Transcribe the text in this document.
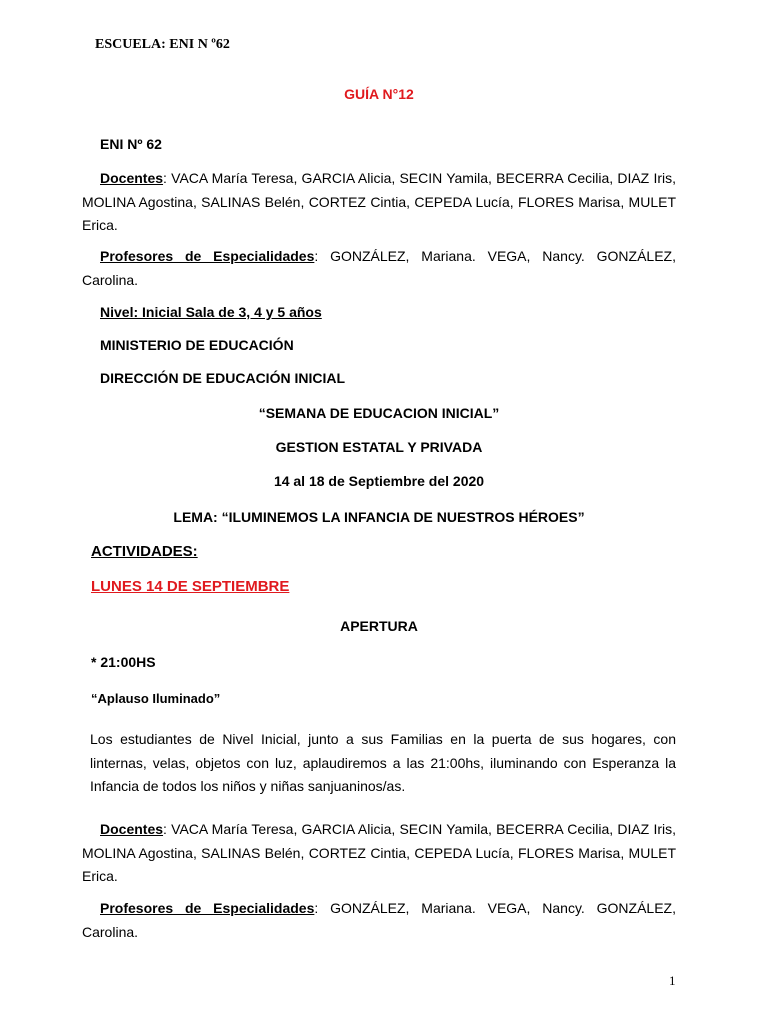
ESCUELA: ENI N º62
GUÍA N°12
ENI Nº 62
Docentes: VACA María Teresa, GARCIA Alicia, SECIN Yamila, BECERRA Cecilia, DIAZ Iris, MOLINA Agostina, SALINAS Belén, CORTEZ Cintia, CEPEDA Lucía, FLORES Marisa, MULET Erica.
Profesores de Especialidades: GONZÁLEZ, Mariana. VEGA, Nancy. GONZÁLEZ, Carolina.
Nivel: Inicial Sala de 3, 4 y 5 años
MINISTERIO DE EDUCACIÓN
DIRECCIÓN DE EDUCACIÓN INICIAL
“SEMANA DE EDUCACION INICIAL”
GESTION ESTATAL Y PRIVADA
14 al 18 de Septiembre del 2020
LEMA: “ILUMINEMOS LA INFANCIA DE NUESTROS HÉROES”
ACTIVIDADES:
LUNES 14 DE SEPTIEMBRE
APERTURA
* 21:00HS
“Aplauso Iluminado”
Los estudiantes de Nivel Inicial, junto a sus Familias en la puerta de sus hogares, con linternas, velas, objetos con luz, aplaudiremos a las 21:00hs, iluminando con Esperanza la Infancia de todos los niños y niñas sanjuaninos/as.
Docentes: VACA María Teresa, GARCIA Alicia, SECIN Yamila, BECERRA Cecilia, DIAZ Iris, MOLINA Agostina, SALINAS Belén, CORTEZ Cintia, CEPEDA Lucía, FLORES Marisa, MULET Erica.
Profesores de Especialidades: GONZÁLEZ, Mariana. VEGA, Nancy. GONZÁLEZ, Carolina.
1
